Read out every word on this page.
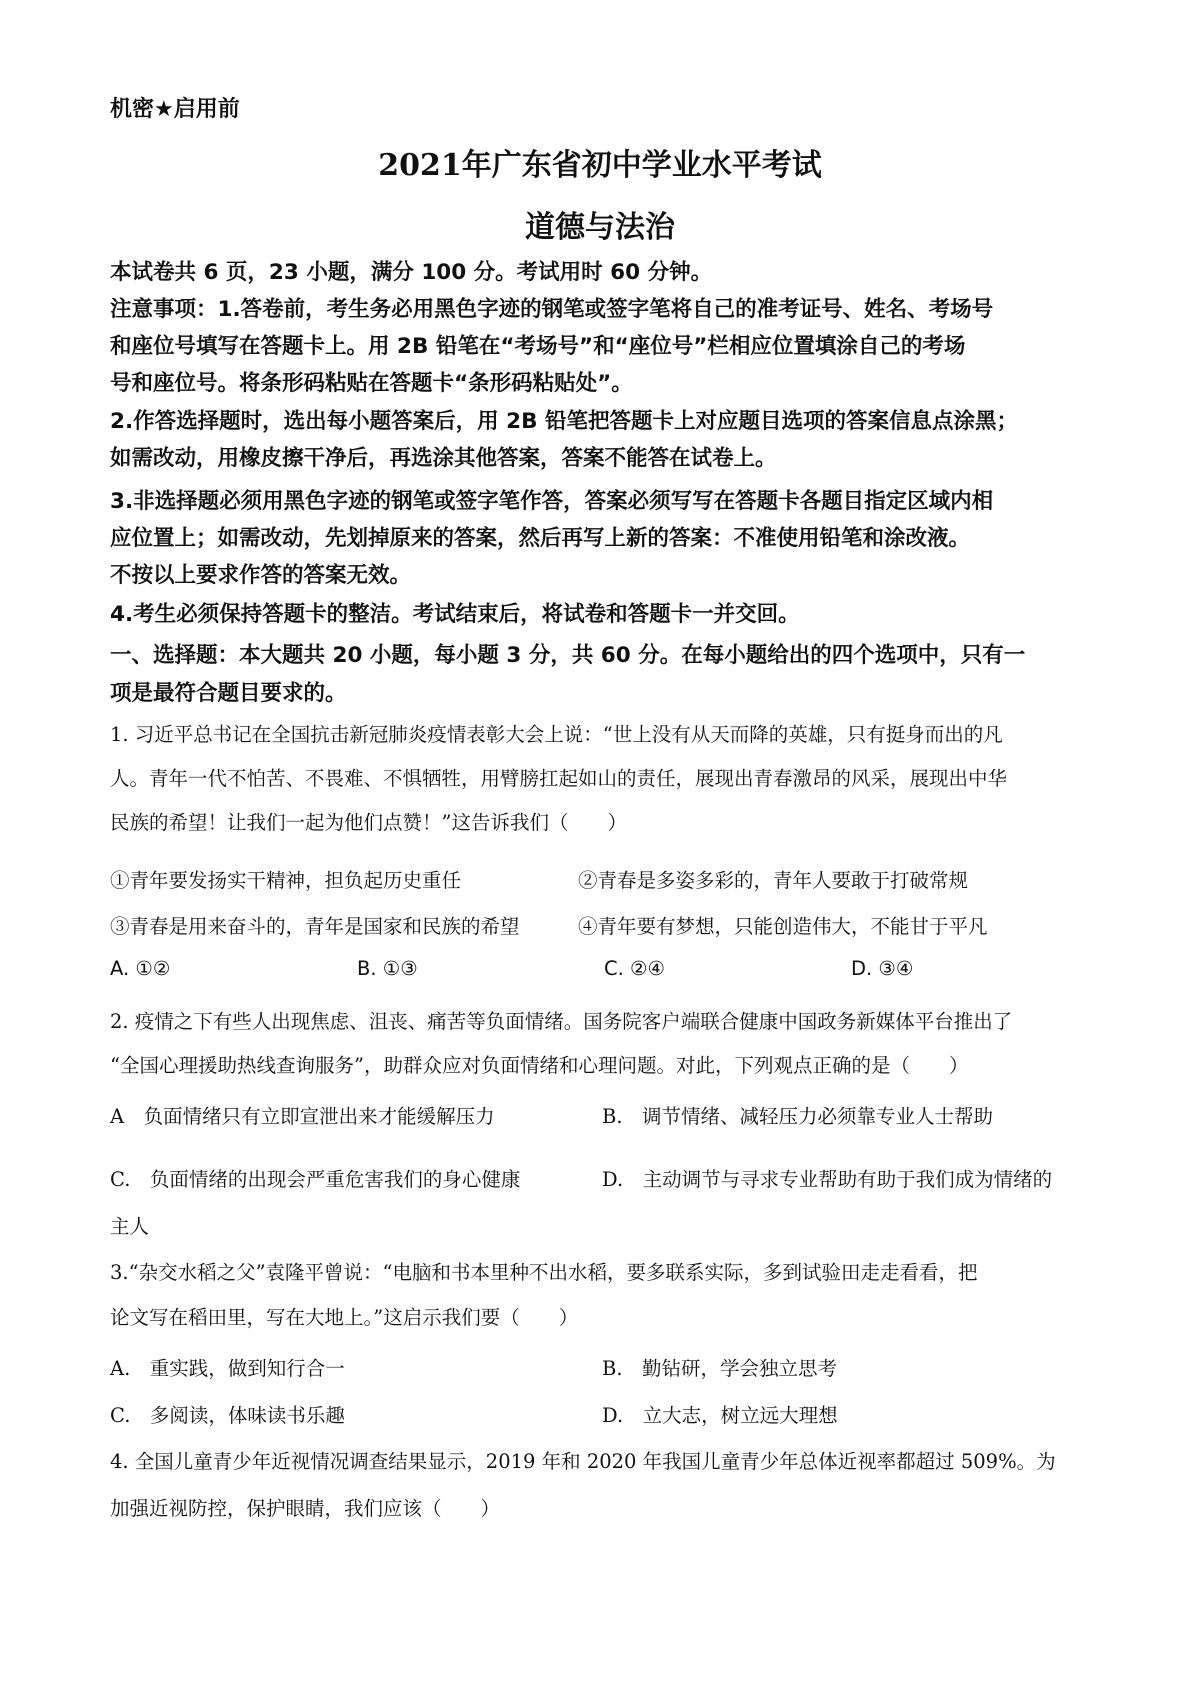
机密★启用前
2021年广东省初中学业水平考试
道德与法治
本试卷共 6 页，23 小题，满分 100 分。考试用时 60 分钟。
注意事项：1.答卷前，考生务必用黑色字迹的钢笔或签字笔将自己的准考证号、姓名、考场号
和座位号填写在答题卡上。用 2B 铅笔在“考场号”和“座位号”栏相应位置填涂自己的考场
号和座位号。将条形码粘贴在答题卡“条形码粘贴处”。
2.作答选择题时，选出每小题答案后，用 2B 铅笔把答题卡上对应题目选项的答案信息点涂黑；
如需改动，用橡皮擦干净后，再选涂其他答案，答案不能答在试卷上。
3.非选择题必须用黑色字迹的钢笔或签字笔作答，答案必须写写在答题卡各题目指定区域内相
应位置上；如需改动，先划掉原来的答案，然后再写上新的答案：不准使用铅笔和涂改液。
不按以上要求作答的答案无效。
4.考生必须保持答题卡的整洁。考试结束后，将试卷和答题卡一并交回。
一、选择题：本大题共 20 小题，每小题 3 分，共 60 分。在每小题给出的四个选项中，只有一
项是最符合题目要求的。
1. 习近平总书记在全国抗击新冠肺炎疫情表彰大会上说：“世上没有从天而降的英雄，只有挺身而出的凡
人。青年一代不怕苦、不畏难、不惧牺牲，用臂膀扛起如山的责任，展现出青春激昂的风采，展现出中华
民族的希望！让我们一起为他们点赞！”这告诉我们（　　）
①青年要发扬实干精神，担负起历史重任	②青春是多姿多彩的，青年人要敢于打破常规
③青春是用来奋斗的，青年是国家和民族的希望	④青年要有梦想，只能创造伟大，不能甘于平凡
A. ①②	B. ①③	C. ②④	D. ③④
2. 疫情之下有些人出现焦虑、沮丧、痛苦等负面情绪。国务院客户端联合健康中国政务新媒体平台推出了
“全国心理援助热线查询服务”，助群众应对负面情绪和心理问题。对此，下列观点正确的是（　　）
A　负面情绪只有立即宣泄出来才能缓解压力	B.　调节情绪、减轻压力必须靠专业人士帮助
C.　负面情绪的出现会严重危害我们的身心健康	D.　主动调节与寻求专业帮助有助于我们成为情绪的
主人
3.“杂交水稻之父”袁隆平曾说：“电脑和书本里种不出水稻，要多联系实际，多到试验田走走看看，把
论文写在稻田里，写在大地上。”这启示我们要（　　）
A.　重实践，做到知行合一	B.　勤钻研，学会独立思考
C.　多阅读，体味读书乐趣	D.　立大志，树立远大理想
4. 全国儿童青少年近视情况调查结果显示，2019 年和 2020 年我国儿童青少年总体近视率都超过 509%。为
加强近视防控，保护眼睛，我们应该（　　）
